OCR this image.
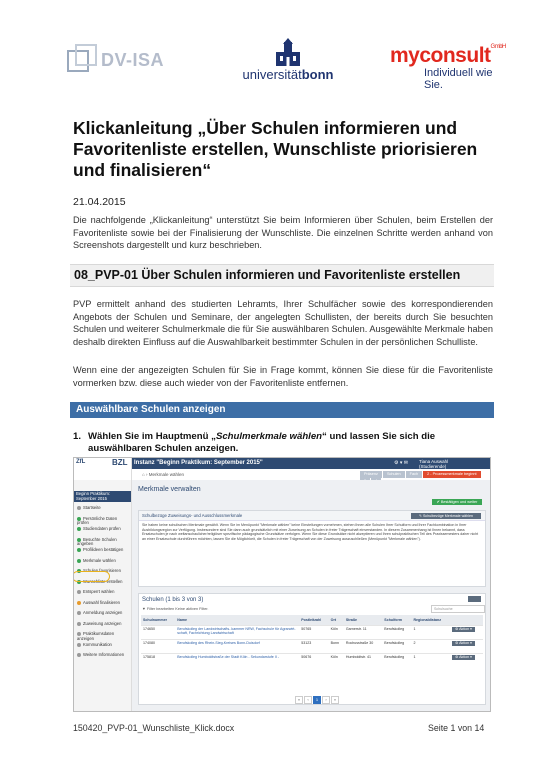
DV-ISA
universitätbonn
myconsult$^{GmbH}$
Individuell wie Sie.
Klickanleitung „Über Schulen informieren und Favoritenliste erstellen, Wunschliste priorisieren und finalisieren“
21.04.2015
Die nachfolgende „Klickanleitung“ unterstützt Sie beim Informieren über Schulen, beim Erstellen der Favoritenliste sowie bei der Finalisierung der Wunschliste. Die einzelnen Schritte werden anhand von Screenshots dargestellt und kurz beschrieben.
08_PVP-01 Über Schulen informieren und Favoritenliste erstellen
PVP ermittelt anhand des studierten Lehramts, Ihrer Schulfächer sowie des korrespondierenden Angebots der Schulen und Seminare, der angelegten Schullisten, der bereits durch Sie besuchten Schulen und weiterer Schulmerkmale die für Sie auswählbaren Schulen. Ausgewählte Merkmale haben deshalb direkten Einfluss auf die Auswahlbarkeit bestimmter Schulen in der persönlichen Schulliste.
Wenn eine der angezeigten Schulen für Sie in Frage kommt, können Sie diese für die Favoritenliste vormerken bzw. diese auch wieder von der Favoritenliste entfernen.
Auswählbare Schulen anzeigen
1. Wählen Sie im Hauptmenü „Schulmerkmale wählen“ und lassen Sie sich die auswählbaren Schulen anzeigen.
ZfL	BZL Instanz "Beginn Praktikum: September 2015"	⚙ ▾ ✉ Tiana Auswahl
(Studierende)
⌂ › Merkmale wählen	Präsenz Schulen Fach 2 - Prozessmerkmale beginnt
Beginn Praktikum: September 2015
Startseite
Persönliche Daten prüfen
Studiendaten prüfen
Besuchte Schulen angeben
Profilideen bestätigen
Merkmale wählen
Schulen favorisieren
Wunschliste erstellen
Entsperrt wählen
Auswahl finalisieren
Anmeldung anzeigen
Zuweisung anzeigen
Praktikumsdaten anzeigen
Kommunikation
Weitere Informationen
Merkmale verwalten
✔ Bestätigen und weiter
Schulbezüge Zuweisungs- und Ausschlussmerkmale	✎ Schulbezüge Merkmale wählen
Sie haben keine schulischen Merkmale gewählt. Wenn Sie im Menüpunkt "Merkmale wählen" keine Einstellungen vornehmen, stehen Ihnen alle Schulen Ihrer Schulform und Ihrer Fachkombination in Ihrer Ausbildungsregion zur Verfügung. Insbesondere sind Sie dann auch grundsätzlich mit einer Zuweisung an Schulen in freier Trägerschaft einverstanden. In diesem Zusammenhang ist Ihnen bekannt, dass Ersatzschulen je nach weltanschaulicher/religiöser spezifische pädagogische Grundsätze verfolgen. Wenn Sie diese Grundsätze nicht akzeptieren und Ihren schulpraktischen Teil des Praxissemesters daher nicht an einer Ersatzschule durchführen möchten, lassen Sie die Möglichkeit, die Schulen in freier Trägerschaft von der Zuweisung auszuschließen (Menüpunkt "Merkmale wählen").
Schulen (1 bis 3 von 3)
▼ Filter bearbeiten Keine aktiven Filter.	Schulsuche
Schulnummer	Name	Postleitzahl	Ort	Straße	Schulform	Regionaldistanz	
174650	Berufskolleg der Landwirtschafts- kammer NRW, Fachschule für Agrarwirt- schaft, Fachrichtung Landwirtschaft	50765	Köln	Garnerstr. 11	Berufskolleg	1	⚙ Aktion ▾
174080	Berufskolleg des Rhein-Sieg-Kreises Bonn-Duisdorf	53123	Bonn	Rochusstraße 30	Berufskolleg	2	⚙ Aktion ▾
175818	Berufskolleg Humboldtstraße der Stadt Köln - Sekundarstufe II -	50676	Köln	Humboldtstr. 41	Berufskolleg	1	⚙ Aktion ▾
« ‹ 1 › »
150420_PVP-01_Wunschliste_Klick.docx	Seite 1 von 14
